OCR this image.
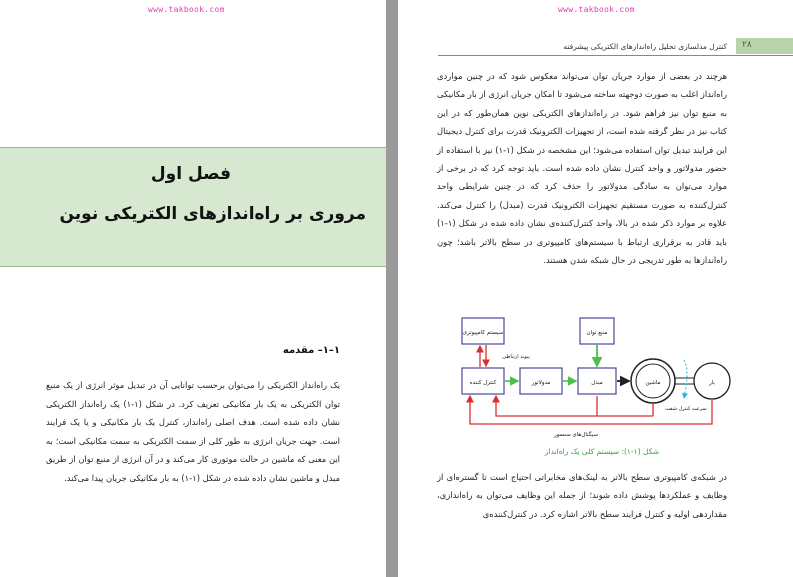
www.takbook.com
فصل اول
مروری بر راه‌اندازهای الکتریکی نوین
۱–۱– مقدمه

یک راه‌انداز الکتریکی را می‌توان برحسب توانایی آن در تبدیل موثر انرژی از یک منبع توان الکتریکی به یک بار مکانیکی تعریف کرد. در شکل (۱-۱) یک راه‌انداز الکتریکی نشان داده شده است. هدف اصلی راه‌انداز، کنترل یک بار مکانیکی و یا یک فرایند است. جهت جریان انرژی به طور کلی از سمت الکتریکی به سمت مکانیکی است؛ به این معنی که ماشین در حالت موتوری کار می‌کند و در آن انرژی از منبع توان از طریق مبدل و ماشین نشان داده شده در شکل (۱-۱) به بار مکانیکی جریان پیدا می‌کند.

www.takbook.com
۲۸
کنترل مدلسازی تحلیل راه‌اندازهای الکتریکی پیشرفته

هرچند در بعضی از موارد جریان توان می‌تواند معکوس شود که در چنین مواردی راه‌انداز اغلب به صورت دوجهته ساخته می‌شود تا امکان جریان انرژی از بار مکانیکی به منبع توان نیز فراهم شود. در راه‌اندازهای الکتریکی نوین همان‌طور که در این کتاب نیز در نظر گرفته شده است، از تجهیزات الکترونیک قدرت برای کنترل دیجیتال این فرایند تبدیل توان استفاده می‌شود؛ این مشخصه در شکل (۱-۱) نیز با استفاده از حضور مدولاتور و واحد کنترل نشان داده شده است. باید توجه کرد که در برخی از موارد می‌توان به سادگی مدولاتور را حذف کرد که در چنین شرایطی واحد کنترل‌کننده به صورت مستقیم تجهیزات الکترونیک قدرت (مبدل) را کنترل می‌کند. علاوه بر موارد ذکر شده در بالا، واحد کنترل‌کننده‌ی نشان داده شده در شکل (۱-۱) باید قادر به برقراری ارتباط با سیستم‌های کامپیوتری در سطح بالاتر باشد؛ چون راه‌اندازها به طور تدریجی در حال شبکه شدن هستند.

سیستم کامپیوتری	منبع توان
کنترل کننده	مدولاتور	مبدل	ماشین	بار
پیوند ارتباطی
سرعت کنترل شفت
سیگنال‌های سنسور
شکل (۱-۱): سیستم کلی یک راه‌انداز

در شبکه‌ی کامپیوتری سطح بالاتر به لینک‌های مخابراتی احتیاج است تا گستره‌ای از وظایف و عملکردها پوشش داده شوند؛ از جمله این وظایف می‌توان به راه‌اندازی، مقداردهی اولیه و کنترل فرایند سطح بالاتر اشاره کرد. در کنترل‌کننده‌ی
